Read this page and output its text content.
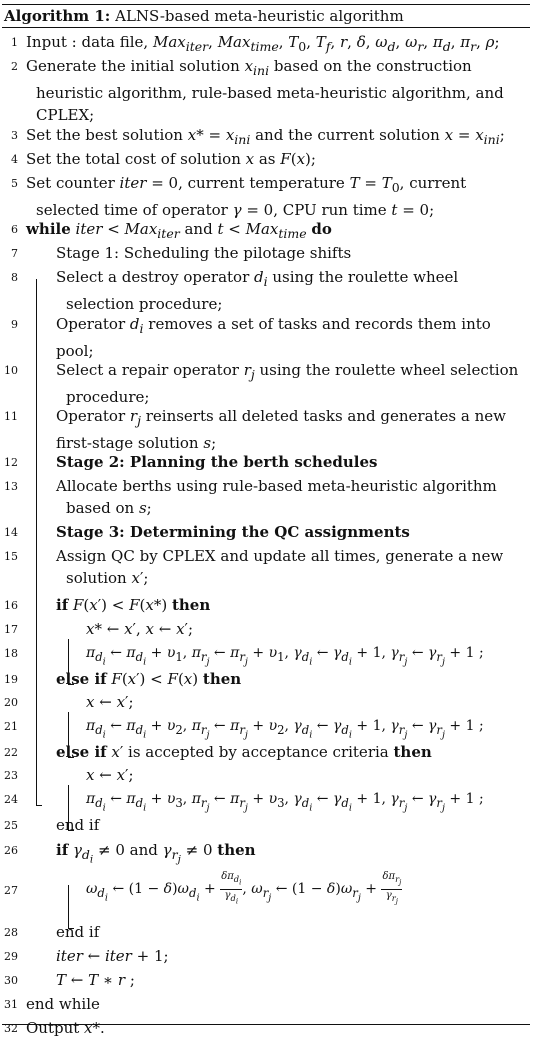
Algorithm 1: ALNS-based meta-heuristic algorithm
1 Input : data file, Max$_{iter}$, Max$_{time}$, $T_0$, $T_f$, r, δ, $\omega_d$, $\omega_r$, $\pi_d$, $\pi_r$, ρ;
2 Generate the initial solution $x_{ini}$ based on the construction
heuristic algorithm, rule-based meta-heuristic algorithm, and
CPLEX;
3 Set the best solution $x* = x_{ini}$ and the current solution $x = x_{ini}$;
4 Set the total cost of solution x as F(x);
5 Set counter iter = 0, current temperature $T = T_0$, current
selected time of operator γ = 0, CPU run time t = 0;
6 while iter < Max$_{iter}$ and t < Max$_{time}$ do
7	Stage 1: Scheduling the pilotage shifts
8	Select a destroy operator $d_i$ using the roulette wheel
selection procedure;
9	Operator $d_i$ removes a set of tasks and records them into
pool;
10	Select a repair operator $r_j$ using the roulette wheel selection
procedure;
11	Operator $r_j$ reinserts all deleted tasks and generates a new
first-stage solution s;
12	Stage 2: Planning the berth schedules
13	Allocate berths using rule-based meta-heuristic algorithm
based on s;
14	Stage 3: Determining the QC assignments
15	Assign QC by CPLEX and update all times, generate a new
solution x′;
16	if F(x′) < F(x*) then
17	x* ← x′, x ← x′;
18	$\pi_{d_i}$ ← $\pi_{d_i} + \upsilon_1$, $\pi_{r_j}$ ← $\pi_{r_j} + \upsilon_1$, $\gamma_{d_i}$ ← $\gamma_{d_i} + 1$, $\gamma_{r_j}$ ← $\gamma_{r_j} + 1$ ;
19	else if F(x′) < F(x) then
20	x ← x′;
21	$\pi_{d_i}$ ← $\pi_{d_i} + \upsilon_2$, $\pi_{r_j}$ ← $\pi_{r_j} + \upsilon_2$, $\gamma_{d_i}$ ← $\gamma_{d_i} + 1$, $\gamma_{r_j}$ ← $\gamma_{r_j} + 1$ ;
22	else if x′ is accepted by acceptance criteria then
23	x ← x′;
24	$\pi_{d_i}$ ← $\pi_{d_i} + \upsilon_3$, $\pi_{r_j}$ ← $\pi_{r_j} + \upsilon_3$, $\gamma_{d_i}$ ← $\gamma_{d_i} + 1$, $\gamma_{r_j}$ ← $\gamma_{r_j} + 1$ ;
25	end if
26	if $\gamma_{d_i} \ne 0$ and $\gamma_{r_j} \ne 0$ then
27	$\omega_{d_i}$ ← $(1 - \delta)\omega_{d_i} + \frac{\delta\pi_{d_i}}{\gamma_{d_i}}$ , $\omega_{r_j}$ ← $(1 - \delta)\omega_{r_j} + \frac{\delta\pi_{r_j}}{\gamma_{r_j}}$
28	end if
29	iter ← iter + 1;
30	T ← T ∗ r ;
31 end while
32 Output x*.
